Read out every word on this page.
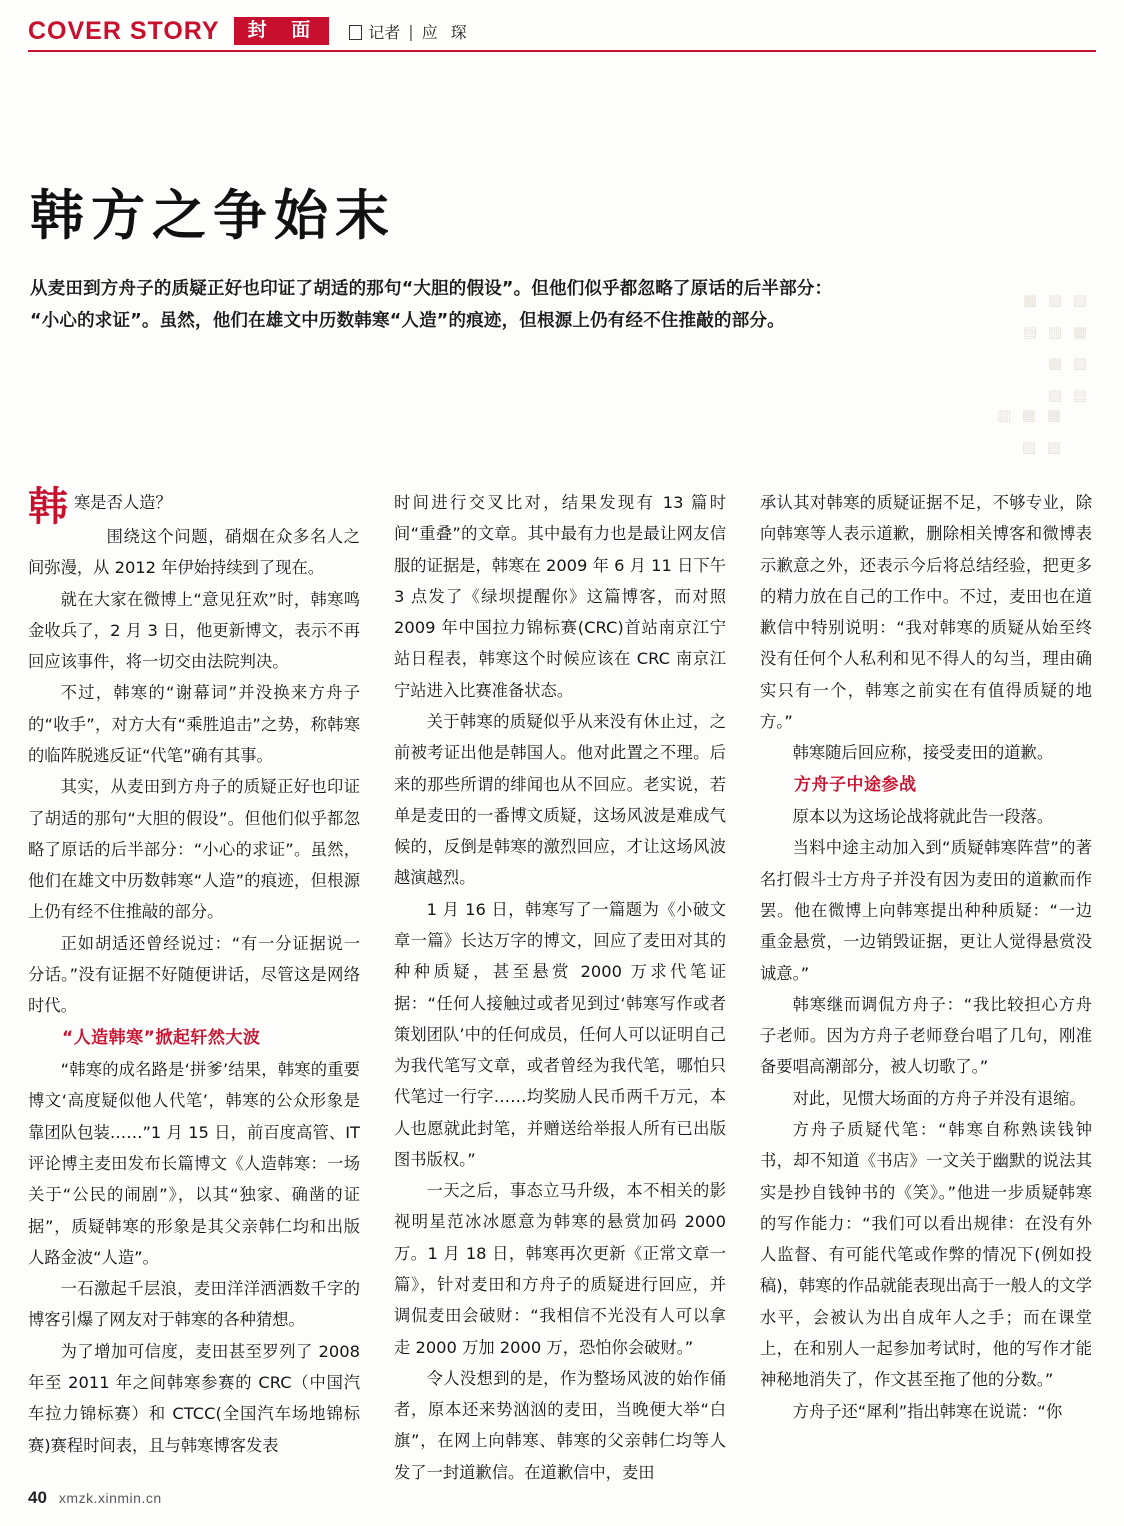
COVER STORY	封 面	记者 | 应 琛
▩ ▨ ▧
▤ ▥ ▦
▩ ▨
▧ ▤
▥ ▦ ▩
▨ ▧
韩方之争始末
从麦田到方舟子的质疑正好也印证了胡适的那句“大胆的假设”。但他们似乎都忽略了原话的后半部分：
“小心的求证”。虽然，他们在雄文中历数韩寒“人造”的痕迹，但根源上仍有经不住推敲的部分。

韩寒是否人造？

围绕这个问题，硝烟在众多名人之间弥漫，从 2012 年伊始持续到了现在。

就在大家在微博上“意见狂欢”时，韩寒鸣金收兵了，2 月 3 日，他更新博文，表示不再回应该事件，将一切交由法院判决。

不过，韩寒的“谢幕词”并没换来方舟子的“收手”，对方大有“乘胜追击”之势，称韩寒的临阵脱逃反证“代笔”确有其事。

其实，从麦田到方舟子的质疑正好也印证了胡适的那句“大胆的假设”。但他们似乎都忽略了原话的后半部分：“小心的求证”。虽然，他们在雄文中历数韩寒“人造”的痕迹，但根源上仍有经不住推敲的部分。

正如胡适还曾经说过：“有一分证据说一分话。”没有证据不好随便讲话，尽管这是网络时代。

“人造韩寒”掀起轩然大波

“韩寒的成名路是‘拼爹’结果，韩寒的重要博文‘高度疑似他人代笔’，韩寒的公众形象是靠团队包装……”1 月 15 日，前百度高管、IT 评论博主麦田发布长篇博文《人造韩寒：一场关于“公民的闹剧”》，以其“独家、确凿的证据”，质疑韩寒的形象是其父亲韩仁均和出版人路金波“人造”。

一石激起千层浪，麦田洋洋洒洒数千字的博客引爆了网友对于韩寒的各种猜想。

为了增加可信度，麦田甚至罗列了 2008 年至 2011 年之间韩寒参赛的 CRC（中国汽车拉力锦标赛）和 CTCC(全国汽车场地锦标赛)赛程时间表，且与韩寒博客发表

时间进行交叉比对，结果发现有 13 篇时间“重叠”的文章。其中最有力也是最让网友信服的证据是，韩寒在 2009 年 6 月 11 日下午 3 点发了《绿坝提醒你》这篇博客，而对照 2009 年中国拉力锦标赛(CRC)首站南京江宁站日程表，韩寒这个时候应该在 CRC 南京江宁站进入比赛准备状态。

关于韩寒的质疑似乎从来没有休止过，之前被考证出他是韩国人。他对此置之不理。后来的那些所谓的绯闻也从不回应。老实说，若单是麦田的一番博文质疑，这场风波是难成气候的，反倒是韩寒的激烈回应，才让这场风波越演越烈。

1 月 16 日，韩寒写了一篇题为《小破文章一篇》长达万字的博文，回应了麦田对其的种种质疑，甚至悬赏 2000 万求代笔证据：“任何人接触过或者见到过‘韩寒写作或者策划团队’中的任何成员，任何人可以证明自己为我代笔写文章，或者曾经为我代笔，哪怕只代笔过一行字……均奖励人民币两千万元，本人也愿就此封笔，并赠送给举报人所有已出版图书版权。”

一天之后，事态立马升级，本不相关的影视明星范冰冰愿意为韩寒的悬赏加码 2000 万。1 月 18 日，韩寒再次更新《正常文章一篇》，针对麦田和方舟子的质疑进行回应，并调侃麦田会破财：“我相信不光没有人可以拿走 2000 万加 2000 万，恐怕你会破财。”

令人没想到的是，作为整场风波的始作俑者，原本还来势汹汹的麦田，当晚便大举“白旗”，在网上向韩寒、韩寒的父亲韩仁均等人发了一封道歉信。在道歉信中，麦田

承认其对韩寒的质疑证据不足，不够专业，除向韩寒等人表示道歉，删除相关博客和微博表示歉意之外，还表示今后将总结经验，把更多的精力放在自己的工作中。不过，麦田也在道歉信中特别说明：“我对韩寒的质疑从始至终没有任何个人私利和见不得人的勾当，理由确实只有一个，韩寒之前实在有值得质疑的地方。”

韩寒随后回应称，接受麦田的道歉。

方舟子中途参战

原本以为这场论战将就此告一段落。

当料中途主动加入到“质疑韩寒阵营”的著名打假斗士方舟子并没有因为麦田的道歉而作罢。他在微博上向韩寒提出种种质疑：“一边重金悬赏，一边销毁证据，更让人觉得悬赏没诚意。”

韩寒继而调侃方舟子：“我比较担心方舟子老师。因为方舟子老师登台唱了几句，刚准备要唱高潮部分，被人切歌了。”

对此，见惯大场面的方舟子并没有退缩。

方舟子质疑代笔：“韩寒自称熟读钱钟书，却不知道《书店》一文关于幽默的说法其实是抄自钱钟书的《笑》。”他进一步质疑韩寒的写作能力：“我们可以看出规律：在没有外人监督、有可能代笔或作弊的情况下(例如投稿)，韩寒的作品就能表现出高于一般人的文学水平，会被认为出自成年人之手；而在课堂上，在和别人一起参加考试时，他的写作才能神秘地消失了，作文甚至拖了他的分数。”

方舟子还“犀利”指出韩寒在说谎：“你

40 xmzk.xinmin.cn
